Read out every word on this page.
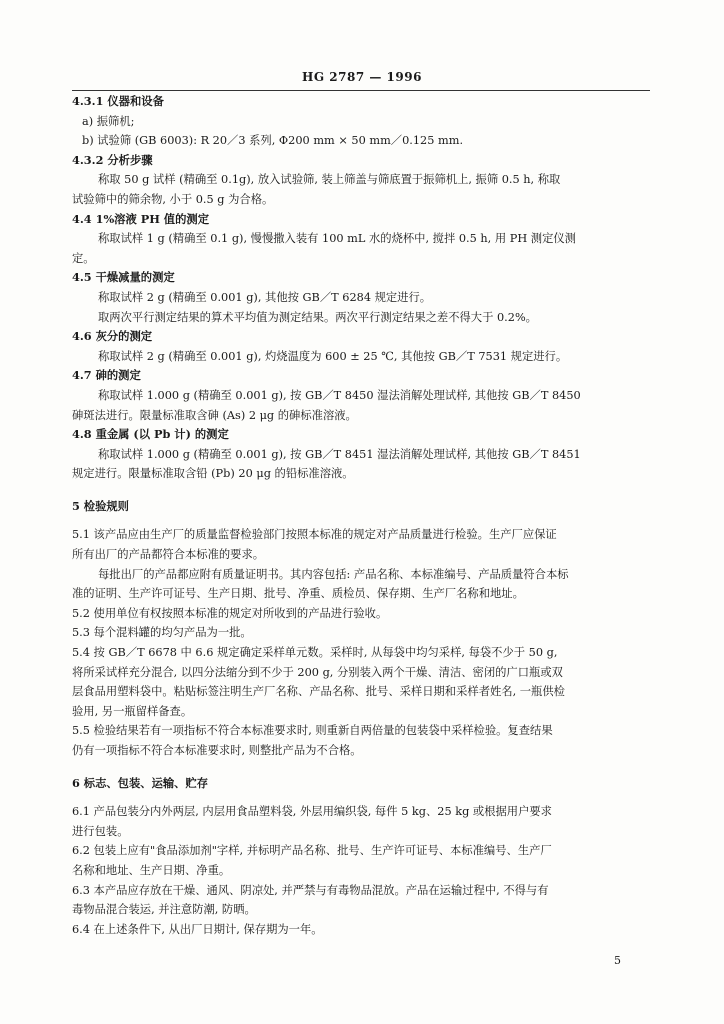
HG 2787 — 1996
4.3.1 仪器和设备
a) 振筛机;
b) 试验筛 (GB 6003): R 20／3 系列, Φ200 mm × 50 mm／0.125 mm.
4.3.2 分析步骤
称取 50 g 试样 (精确至 0.1g), 放入试验筛, 装上筛盖与筛底置于振筛机上, 振筛 0.5 h, 称取
试验筛中的筛余物, 小于 0.5 g 为合格。
4.4 1%溶液 PH 值的测定
称取试样 1 g (精确至 0.1 g), 慢慢撒入装有 100 mL 水的烧杯中, 搅拌 0.5 h, 用 PH 测定仪测
定。
4.5 干燥减量的测定
称取试样 2 g (精确至 0.001 g), 其他按 GB／T 6284 规定进行。
取两次平行测定结果的算术平均值为测定结果。两次平行测定结果之差不得大于 0.2%。
4.6 灰分的测定
称取试样 2 g (精确至 0.001 g), 灼烧温度为 600 ± 25 ℃, 其他按 GB／T 7531 规定进行。
4.7 砷的测定
称取试样 1.000 g (精确至 0.001 g), 按 GB／T 8450 湿法消解处理试样, 其他按 GB／T 8450
砷斑法进行。限量标准取含砷 (As) 2 μg 的砷标准溶液。
4.8 重金属 (以 Pb 计) 的测定
称取试样 1.000 g (精确至 0.001 g), 按 GB／T 8451 湿法消解处理试样, 其他按 GB／T 8451
规定进行。限量标准取含铅 (Pb) 20 μg 的铅标准溶液。
5 检验规则
5.1 该产品应由生产厂的质量监督检验部门按照本标准的规定对产品质量进行检验。生产厂应保证
所有出厂的产品都符合本标准的要求。
每批出厂的产品都应附有质量证明书。其内容包括: 产品名称、本标准编号、产品质量符合本标
准的证明、生产许可证号、生产日期、批号、净重、质检员、保存期、生产厂名称和地址。
5.2 使用单位有权按照本标准的规定对所收到的产品进行验收。
5.3 每个混料罐的均匀产品为一批。
5.4 按 GB／T 6678 中 6.6 规定确定采样单元数。采样时, 从每袋中均匀采样, 每袋不少于 50 g,
将所采试样充分混合, 以四分法缩分到不少于 200 g, 分别装入两个干燥、清洁、密闭的广口瓶或双
层食品用塑料袋中。粘贴标签注明生产厂名称、产品名称、批号、采样日期和采样者姓名, 一瓶供检
验用, 另一瓶留样备查。
5.5 检验结果若有一项指标不符合本标准要求时, 则重新自两倍量的包装袋中采样检验。复查结果
仍有一项指标不符合本标准要求时, 则整批产品为不合格。
6 标志、包装、运输、贮存
6.1 产品包装分内外两层, 内层用食品塑料袋, 外层用编织袋, 每件 5 kg、25 kg 或根据用户要求
进行包装。
6.2 包装上应有"食品添加剂"字样, 并标明产品名称、批号、生产许可证号、本标准编号、生产厂
名称和地址、生产日期、净重。
6.3 本产品应存放在干燥、通风、阴凉处, 并严禁与有毒物品混放。产品在运输过程中, 不得与有
毒物品混合装运, 并注意防潮, 防晒。
6.4 在上述条件下, 从出厂日期计, 保存期为一年。
5
